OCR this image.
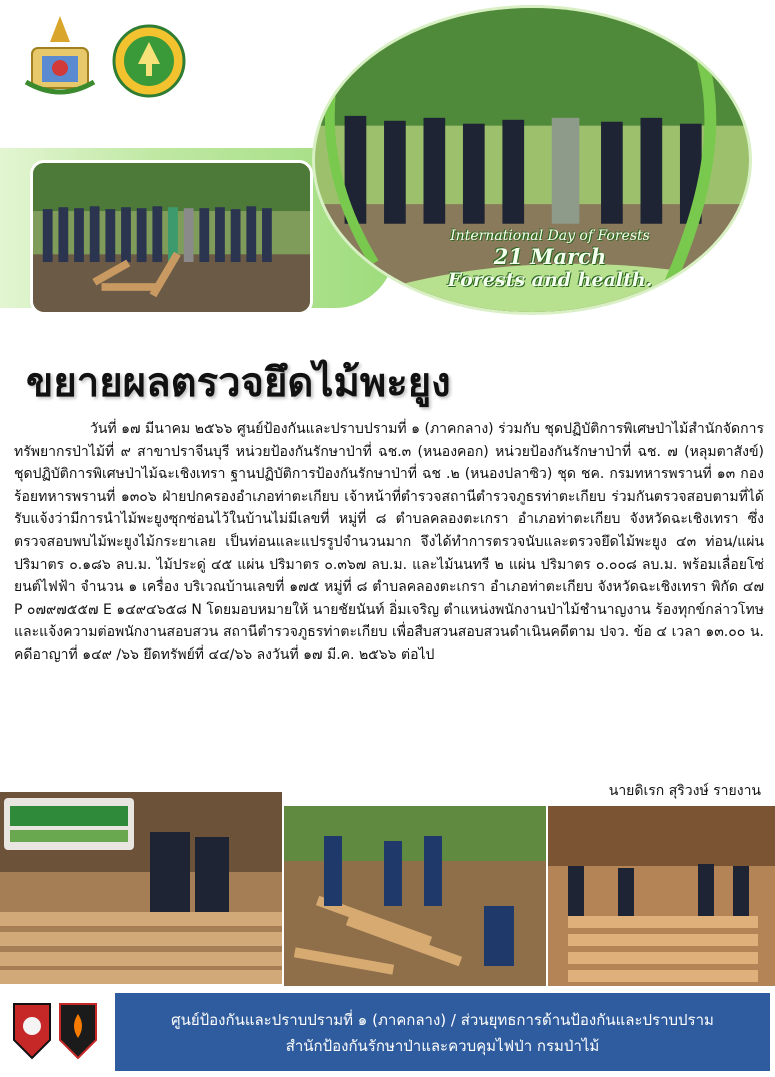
International Day of Forests
21 March
Forests and health.
ขยายผลตรวจยึดไม้พะยูง

วันที่ ๑๗ มีนาคม ๒๕๖๖ ศูนย์ป้องกันและปราบปรามที่ ๑ (ภาคกลาง) ร่วมกับ ชุดปฏิบัติการพิเศษป่าไม้สำนักจัดการทรัพยากรป่าไม้ที่ ๙ สาขาปราจีนบุรี หน่วยป้องกันรักษาป่าที่ ฉช.๓ (หนองคอก) หน่วยป้องกันรักษาป่าที่ ฉช. ๗ (หลุมตาสังข์) ชุดปฏิบัติการพิเศษป่าไม้ฉะเชิงเทรา ฐานปฏิบัติการป้องกันรักษาป่าที่ ฉช .๒ (หนองปลาซิว) ชุด ชค. กรมทหารพรานที่ ๑๓ กองร้อยทหารพรานที่ ๑๓๐๖ ฝ่ายปกครองอำเภอท่าตะเกียบ เจ้าหน้าที่ตำรวจสถานีตำรวจภูธรท่าตะเกียบ ร่วมกันตรวจสอบตามที่ได้รับแจ้งว่ามีการนำไม้พะยูงซุกซ่อนไว้ในบ้านไม่มีเลขที่ หมู่ที่ ๘ ตำบลคลองตะเกรา อำเภอท่าตะเกียบ จังหวัดฉะเชิงเทรา ซึ่งตรวจสอบพบไม้พะยูงไม้กระยาเลย เป็นท่อนและแปรรูปจำนวนมาก จึงได้ทำการตรวจนับและตรวจยึดไม้พะยูง ๔๓ ท่อน/แผ่น ปริมาตร ๐.๑๘๖ ลบ.ม. ไม้ประดู่ ๔๕ แผ่น ปริมาตร ๐.๓๖๗ ลบ.ม. และไม้นนทรี ๒ แผ่น ปริมาตร ๐.๐๐๘ ลบ.ม. พร้อมเลื่อยโซ่ยนต์ไฟฟ้า จำนวน ๑ เครื่อง บริเวณบ้านเลขที่ ๑๗๕ หมู่ที่ ๘ ตำบลคลองตะเกรา อำเภอท่าตะเกียบ จังหวัดฉะเชิงเทรา พิกัด ๔๗ P ๐๗๙๗๕๕๗ E ๑๔๙๔๖๕๘ N โดยมอบหมายให้ นายชัยนันท์ อิ่มเจริญ ตำแหน่งพนักงานป่าไม้ชำนาญงาน ร้องทุกข์กล่าวโทษและแจ้งความต่อพนักงานสอบสวน สถานีตำรวจภูธรท่าตะเกียบ เพื่อสืบสวนสอบสวนดำเนินคดีตาม ปจว. ข้อ ๔ เวลา ๑๓.๐๐ น. คดีอาญาที่ ๑๔๙ /๖๖ ยึดทรัพย์ที่ ๔๔/๖๖ ลงวันที่ ๑๗ มี.ค. ๒๕๖๖ ต่อไป

นายดิเรก สุริวงษ์ รายงาน
ศูนย์ป้องกันและปราบปรามที่ ๑ (ภาคกลาง) / ส่วนยุทธการด้านป้องกันและปราบปราม
สำนักป้องกันรักษาป่าและควบคุมไฟป่า กรมป่าไม้
